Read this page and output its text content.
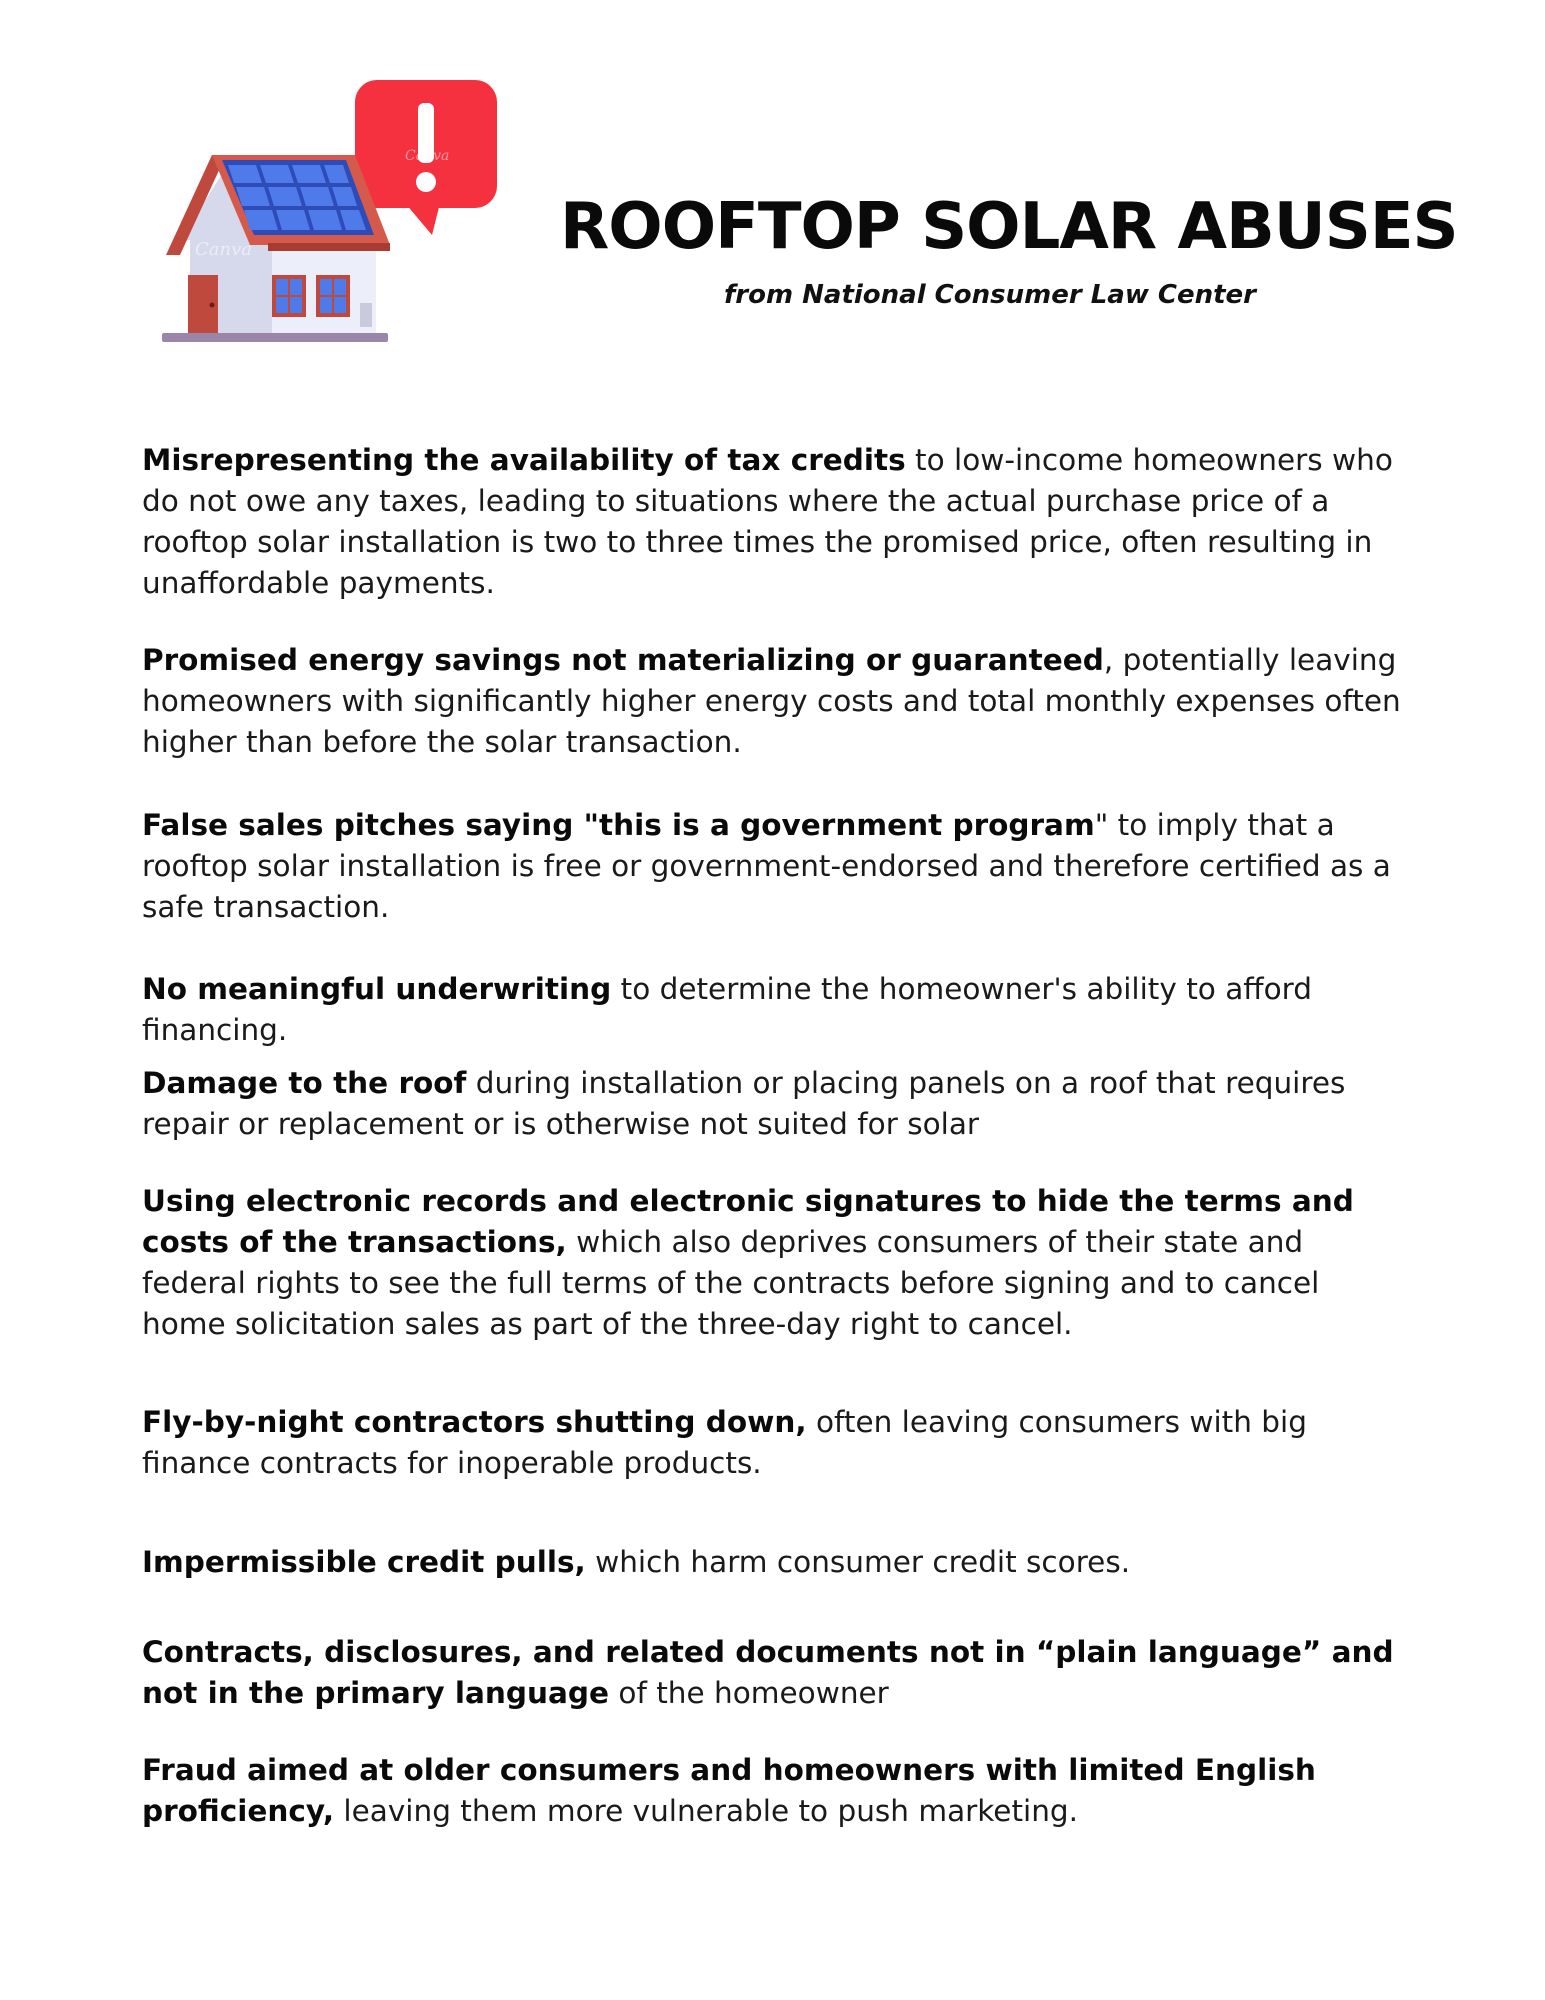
Canva
Canva
ROOFTOP SOLAR ABUSES

from National Consumer Law Center

Misrepresenting the availability of tax credits to low-income homeowners who do not owe any taxes, leading to situations where the actual purchase price of a rooftop solar installation is two to three times the promised price, often resulting in unaffordable payments.

Promised energy savings not materializing or guaranteed, potentially leaving homeowners with significantly higher energy costs and total monthly expenses often higher than before the solar transaction.

False sales pitches saying "this is a government program" to imply that a rooftop solar installation is free or government-endorsed and therefore certified as a safe transaction.

No meaningful underwriting to determine the homeowner's ability to afford financing.

Damage to the roof during installation or placing panels on a roof that requires repair or replacement or is otherwise not suited for solar

Using electronic records and electronic signatures to hide the terms and costs of the transactions, which also deprives consumers of their state and federal rights to see the full terms of the contracts before signing and to cancel home solicitation sales as part of the three-day right to cancel.

Fly-by-night contractors shutting down, often leaving consumers with big finance contracts for inoperable products.

Impermissible credit pulls, which harm consumer credit scores.

Contracts, disclosures, and related documents not in “plain language” and not in the primary language of the homeowner

Fraud aimed at older consumers and homeowners with limited English proficiency, leaving them more vulnerable to push marketing.
